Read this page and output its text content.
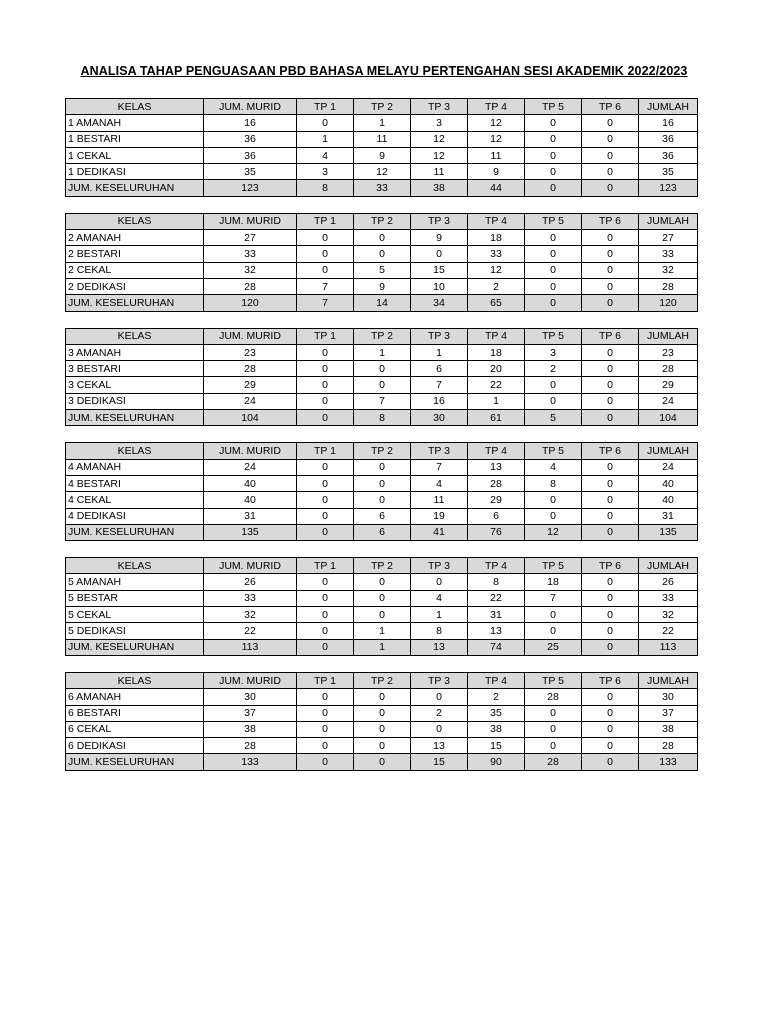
ANALISA TAHAP PENGUASAAN PBD BAHASA MELAYU PERTENGAHAN SESI AKADEMIK 2022/2023
KELAS	JUM. MURID	TP 1	TP 2	TP 3	TP 4	TP 5	TP 6	JUMLAH
1 AMANAH	16	0	1	3	12	0	0	16
1 BESTARI	36	1	11	12	12	0	0	36
1 CEKAL	36	4	9	12	11	0	0	36
1 DEDIKASI	35	3	12	11	9	0	0	35
JUM. KESELURUHAN	123	8	33	38	44	0	0	123
KELAS	JUM. MURID	TP 1	TP 2	TP 3	TP 4	TP 5	TP 6	JUMLAH
2 AMANAH	27	0	0	9	18	0	0	27
2 BESTARI	33	0	0	0	33	0	0	33
2 CEKAL	32	0	5	15	12	0	0	32
2 DEDIKASI	28	7	9	10	2	0	0	28
JUM. KESELURUHAN	120	7	14	34	65	0	0	120
KELAS	JUM. MURID	TP 1	TP 2	TP 3	TP 4	TP 5	TP 6	JUMLAH
3 AMANAH	23	0	1	1	18	3	0	23
3 BESTARI	28	0	0	6	20	2	0	28
3 CEKAL	29	0	0	7	22	0	0	29
3 DEDIKASI	24	0	7	16	1	0	0	24
JUM. KESELURUHAN	104	0	8	30	61	5	0	104
KELAS	JUM. MURID	TP 1	TP 2	TP 3	TP 4	TP 5	TP 6	JUMLAH
4 AMANAH	24	0	0	7	13	4	0	24
4 BESTARI	40	0	0	4	28	8	0	40
4 CEKAL	40	0	0	11	29	0	0	40
4 DEDIKASI	31	0	6	19	6	0	0	31
JUM. KESELURUHAN	135	0	6	41	76	12	0	135
KELAS	JUM. MURID	TP 1	TP 2	TP 3	TP 4	TP 5	TP 6	JUMLAH
5 AMANAH	26	0	0	0	8	18	0	26
5 BESTAR	33	0	0	4	22	7	0	33
5 CEKAL	32	0	0	1	31	0	0	32
5 DEDIKASI	22	0	1	8	13	0	0	22
JUM. KESELURUHAN	113	0	1	13	74	25	0	113
KELAS	JUM. MURID	TP 1	TP 2	TP 3	TP 4	TP 5	TP 6	JUMLAH
6 AMANAH	30	0	0	0	2	28	0	30
6 BESTARI	37	0	0	2	35	0	0	37
6 CEKAL	38	0	0	0	38	0	0	38
6 DEDIKASI	28	0	0	13	15	0	0	28
JUM. KESELURUHAN	133	0	0	15	90	28	0	133
